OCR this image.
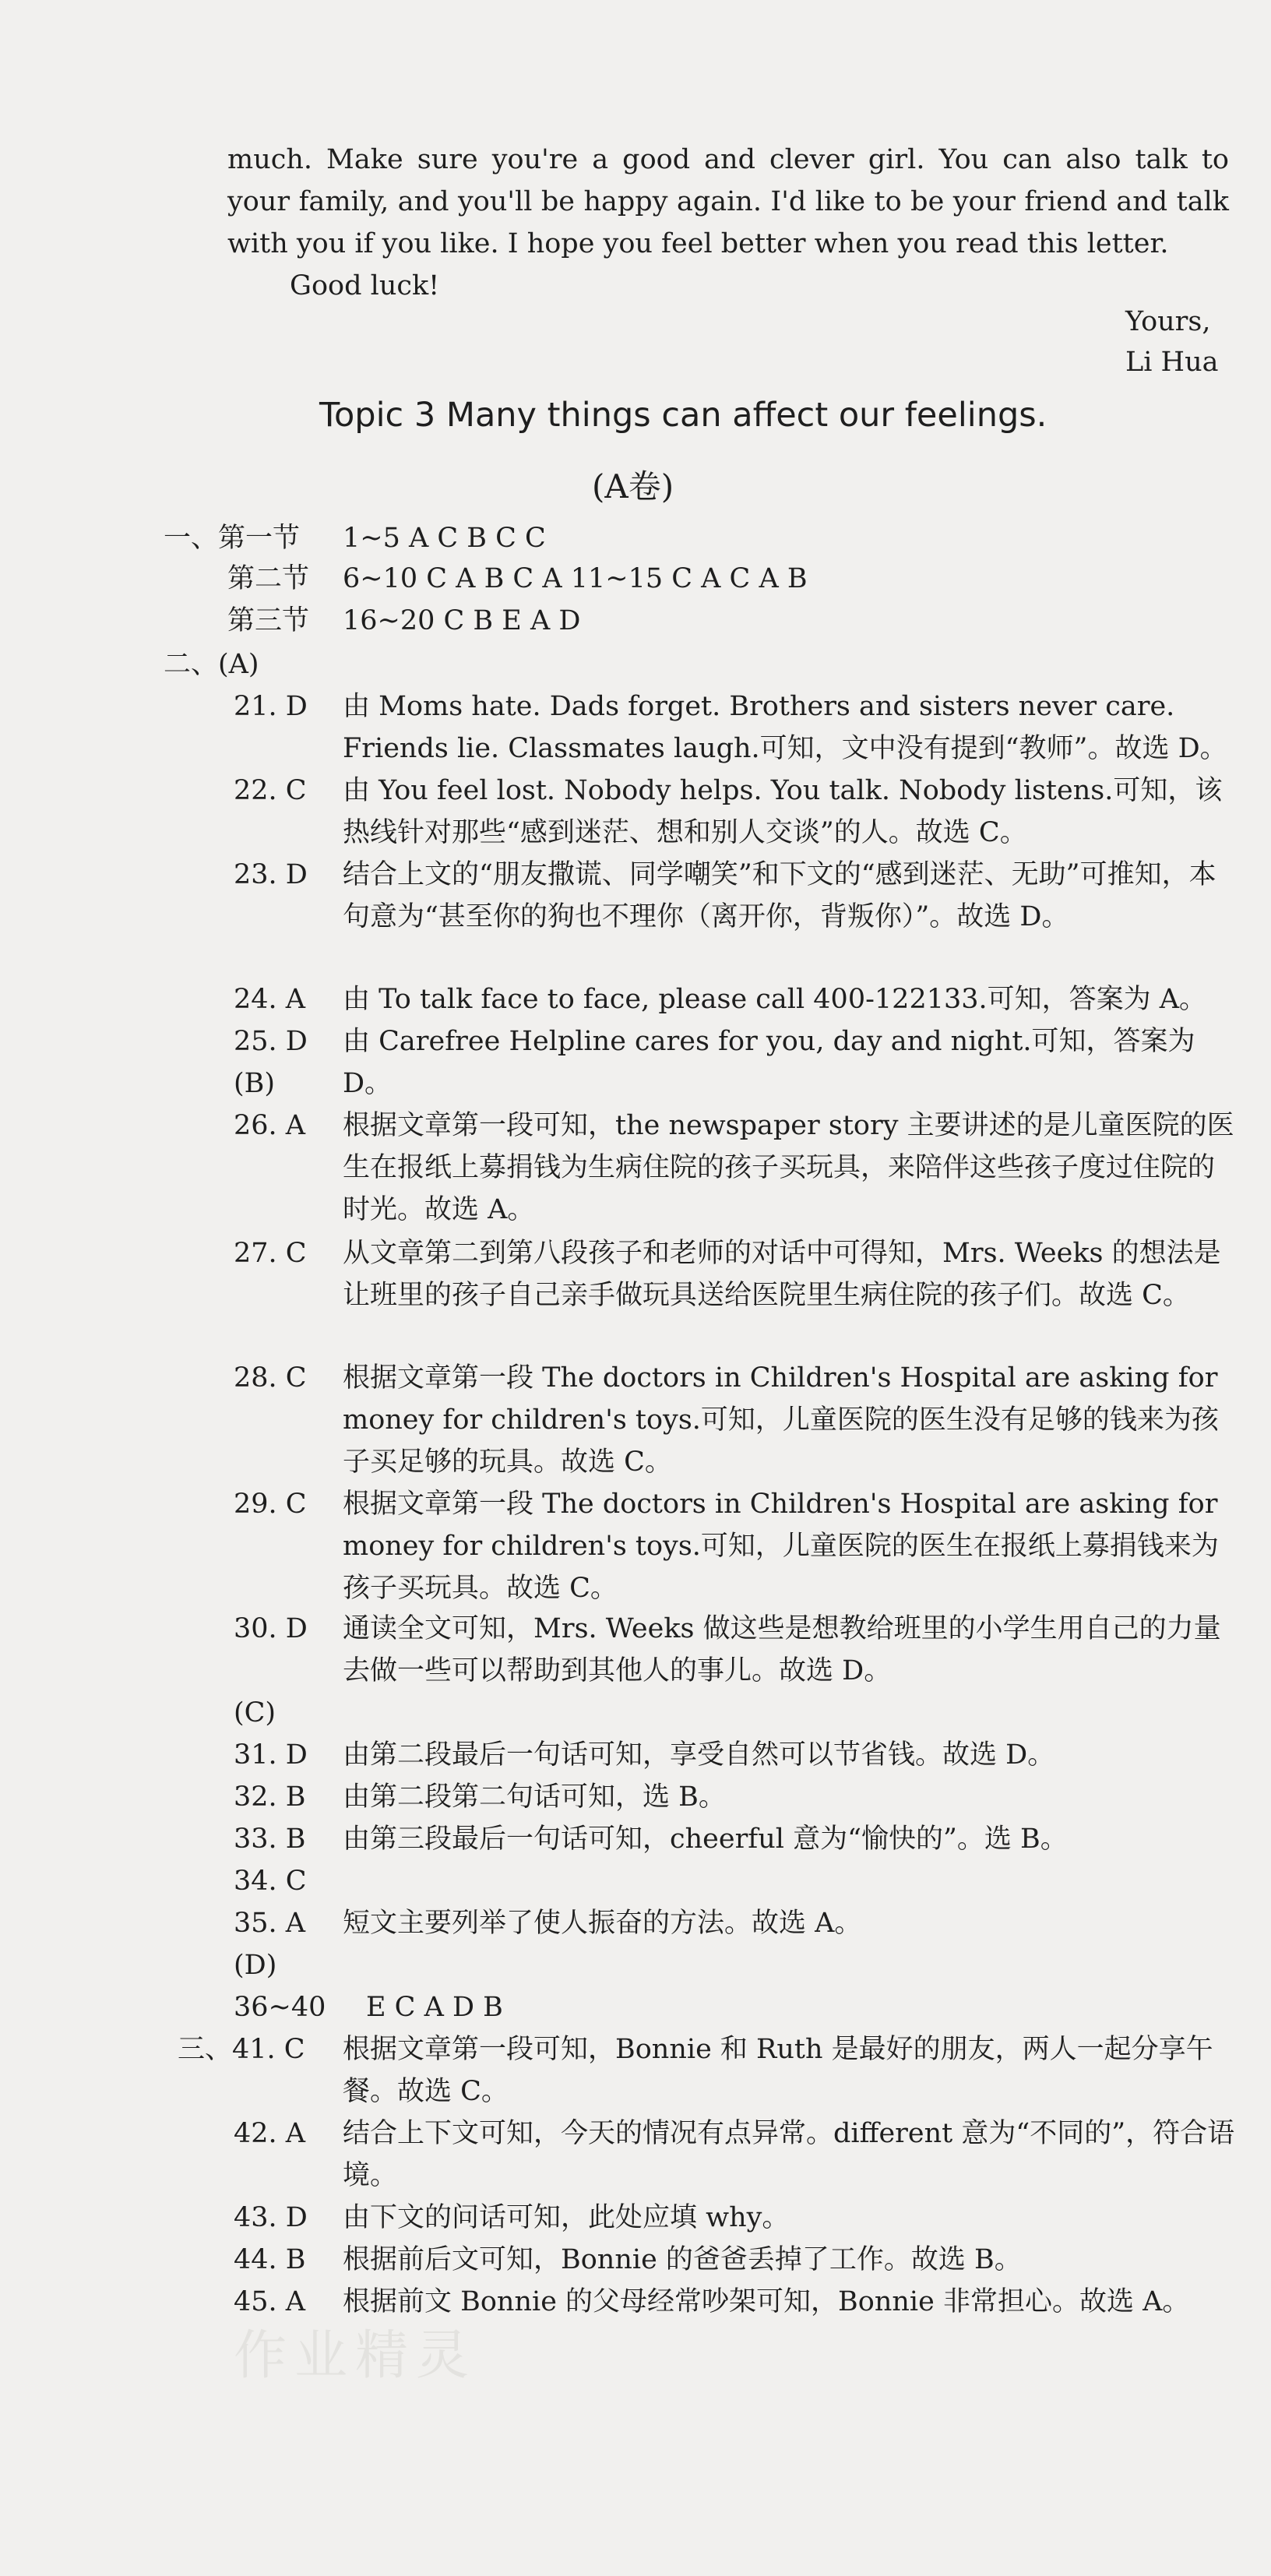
much. Make sure you're a good and clever girl. You can also talk to your family, and you'll be happy again. I'd like to be your friend and talk with you if you like. I hope you feel better when you read this letter.
Good luck!
Yours,
Li Hua
Topic 3 Many things can affect our feelings.
(A卷)
一、第一节 1~5 A C B C C
第二节 6~10 C A B C A 11~15 C A C A B
第三节 16~20 C B E A D
二、(A)
21. D 由 Moms hate. Dads forget. Brothers and sisters never care. Friends lie. Classmates laugh.可知，文中没有提到“教师”。故选 D。
22. C 由 You feel lost. Nobody helps. You talk. Nobody listens.可知，该热线针对那些“感到迷茫、想和别人交谈”的人。故选 C。
23. D 结合上文的“朋友撒谎、同学嘲笑”和下文的“感到迷茫、无助”可推知，本句意为“甚至你的狗也不理你（离开你，背叛你）”。故选 D。
24. A 由 To talk face to face, please call 400-122133.可知，答案为 A。
25. D 由 Carefree Helpline cares for you, day and night.可知，答案为 D。
(B)
26. A 根据文章第一段可知，the newspaper story 主要讲述的是儿童医院的医生在报纸上募捐钱为生病住院的孩子买玩具，来陪伴这些孩子度过住院的时光。故选 A。
27. C 从文章第二到第八段孩子和老师的对话中可得知，Mrs. Weeks 的想法是让班里的孩子自己亲手做玩具送给医院里生病住院的孩子们。故选 C。
28. C 根据文章第一段 The doctors in Children's Hospital are asking for money for children's toys.可知，儿童医院的医生没有足够的钱来为孩子买足够的玩具。故选 C。
29. C 根据文章第一段 The doctors in Children's Hospital are asking for money for children's toys.可知，儿童医院的医生在报纸上募捐钱来为孩子买玩具。故选 C。
30. D 通读全文可知，Mrs. Weeks 做这些是想教给班里的小学生用自己的力量去做一些可以帮助到其他人的事儿。故选 D。
(C)
31. D 由第二段最后一句话可知，享受自然可以节省钱。故选 D。
32. B 由第二段第二句话可知，选 B。
33. B 由第三段最后一句话可知，cheerful 意为“愉快的”。选 B。
34. C
35. A 短文主要列举了使人振奋的方法。故选 A。
(D)
36~40 E C A D B
三、41. C 根据文章第一段可知，Bonnie 和 Ruth 是最好的朋友，两人一起分享午餐。故选 C。
42. A 结合上下文可知，今天的情况有点异常。different 意为“不同的”，符合语境。
43. D 由下文的问话可知，此处应填 why。
44. B 根据前后文可知，Bonnie 的爸爸丢掉了工作。故选 B。
45. A 根据前文 Bonnie 的父母经常吵架可知，Bonnie 非常担心。故选 A。
作业精灵
